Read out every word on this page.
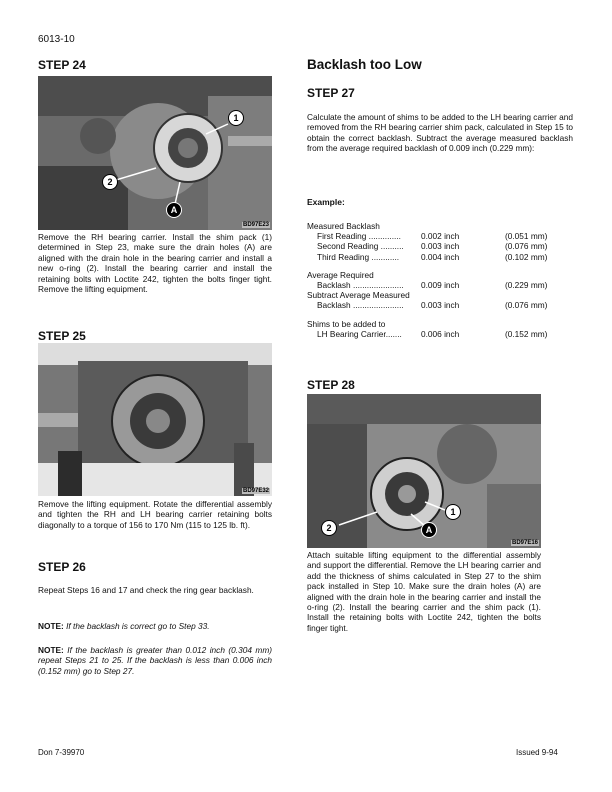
6013-10
STEP 24
1
2
A
BD97E23
Remove the RH bearing carrier. Install the shim pack (1) determined in Step 23, make sure the drain holes (A) are aligned with the drain hole in the bearing carrier and install a new o-ring (2). Install the bearing carrier and install the retaining bolts with Loctite 242, tighten the bolts finger tight. Remove the lifting equipment.
STEP 25
BD97E32
Remove the lifting equipment. Rotate the differential assembly and tighten the RH and LH bearing carrier retaining bolts diagonally to a torque of 156 to 170 Nm (115 to 125 lb. ft).
STEP 26
Repeat Steps 16 and 17 and check the ring gear backlash.
NOTE: If the backlash is correct go to Step 33.
NOTE: If the backlash is greater than 0.012 inch (0.304 mm) repeat Steps 21 to 25. If the backlash is less than 0.006 inch (0.152 mm) go to Step 27.
Backlash too Low
STEP 27
Calculate the amount of shims to be added to the LH bearing carrier and removed from the RH bearing carrier shim pack, calculated in Step 15 to obtain the correct backlash. Subtract the average measured backlash from the average required backlash of 0.009 inch (0.229 mm):
Example:
Measured Backlash		
First Reading ..............	0.002 inch	(0.051 mm)
Second Reading ..........	0.003 inch	(0.076 mm)
Third Reading ............	0.004 inch	(0.102 mm)

Average Required		
Backlash ......................	0.009 inch	(0.229 mm)
Subtract Average Measured		
Backlash ......................	0.003 inch	(0.076 mm)

Shims to be added to		
LH Bearing Carrier.......	0.006 inch	(0.152 mm)
STEP 28
1
2	A
BD97E16
Attach suitable lifting equipment to the differential assembly and support the differential. Remove the LH bearing carrier and add the thickness of shims calculated in Step 27 to the shim pack installed in Step 10. Make sure the drain holes (A) are aligned with the drain hole in the bearing carrier and install the o-ring (2). Install the bearing carrier and the shim pack (1). Install the retaining bolts with Loctite 242, tighten the bolts finger tight.
Don 7-39970	Issued 9-94
